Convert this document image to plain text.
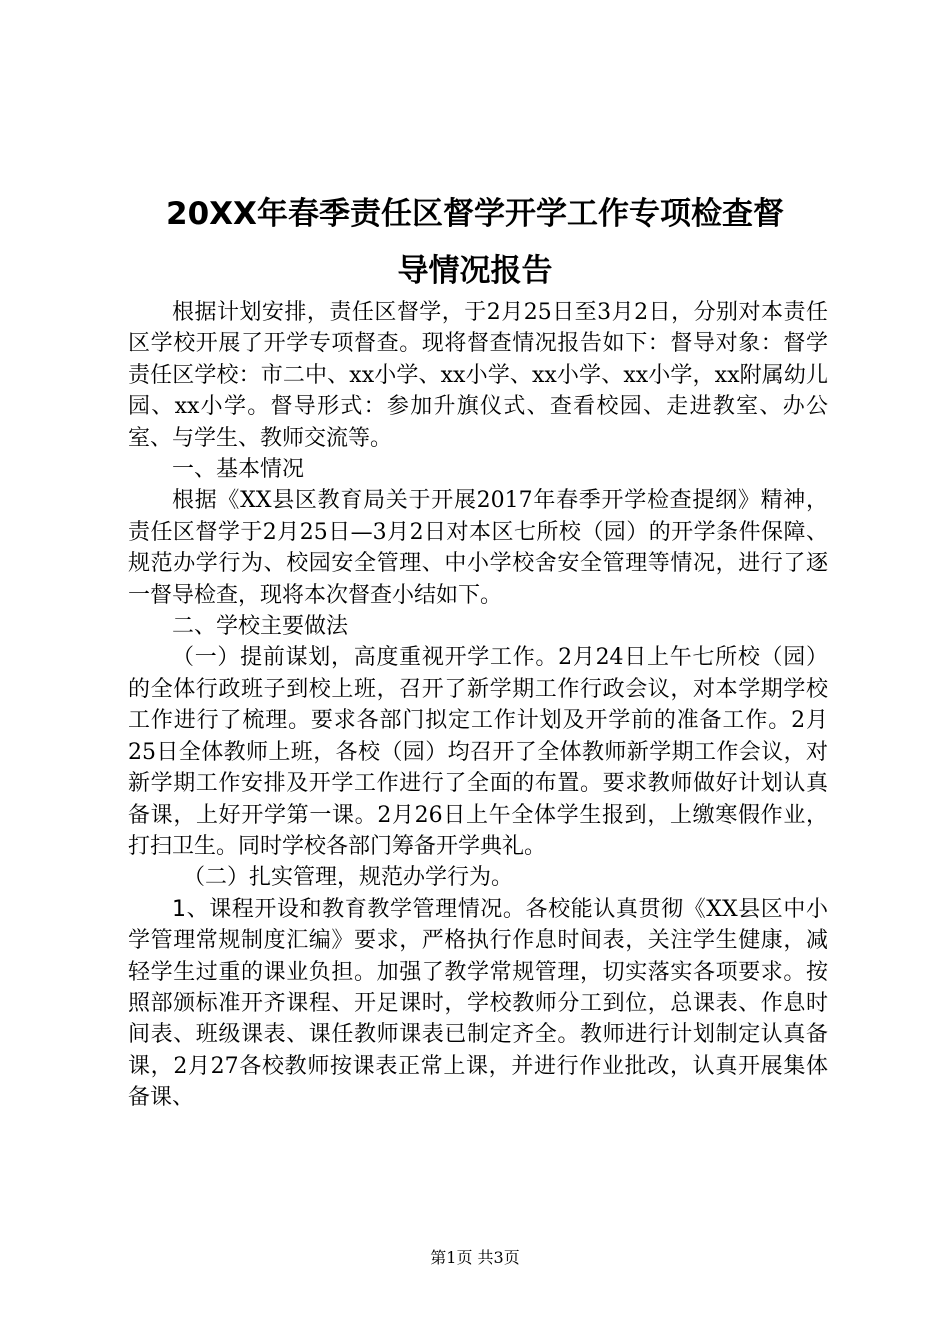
20XX年春季责任区督学开学工作专项检查督
导情况报告

根据计划安排，责任区督学，于2月25日至3月2日，分别对本责任区学校开展了开学专项督查。现将督查情况报告如下：督导对象：督学责任区学校：市二中、xx小学、xx小学、xx小学、xx小学，xx附属幼儿园、xx小学。督导形式：参加升旗仪式、查看校园、走进教室、办公室、与学生、教师交流等。

一、基本情况

根据《XX县区教育局关于开展2017年春季开学检查提纲》精神，责任区督学于2月25日—3月2日对本区七所校（园）的开学条件保障、规范办学行为、校园安全管理、中小学校舍安全管理等情况，进行了逐一督导检查，现将本次督查小结如下。

二、学校主要做法

（一）提前谋划，高度重视开学工作。2月24日上午七所校（园）的全体行政班子到校上班，召开了新学期工作行政会议，对本学期学校工作进行了梳理。要求各部门拟定工作计划及开学前的准备工作。2月25日全体教师上班，各校（园）均召开了全体教师新学期工作会议，对新学期工作安排及开学工作进行了全面的布置。要求教师做好计划认真备课，上好开学第一课。2月26日上午全体学生报到，上缴寒假作业，打扫卫生。同时学校各部门筹备开学典礼。

（二）扎实管理，规范办学行为。

1、课程开设和教育教学管理情况。各校能认真贯彻《XX县区中小学管理常规制度汇编》要求，严格执行作息时间表，关注学生健康，减轻学生过重的课业负担。加强了教学常规管理，切实落实各项要求。按照部颁标准开齐课程、开足课时，学校教师分工到位，总课表、作息时间表、班级课表、课任教师课表已制定齐全。教师进行计划制定认真备课，2月27各校教师按课表正常上课，并进行作业批改，认真开展集体备课、

第1页 共3页
